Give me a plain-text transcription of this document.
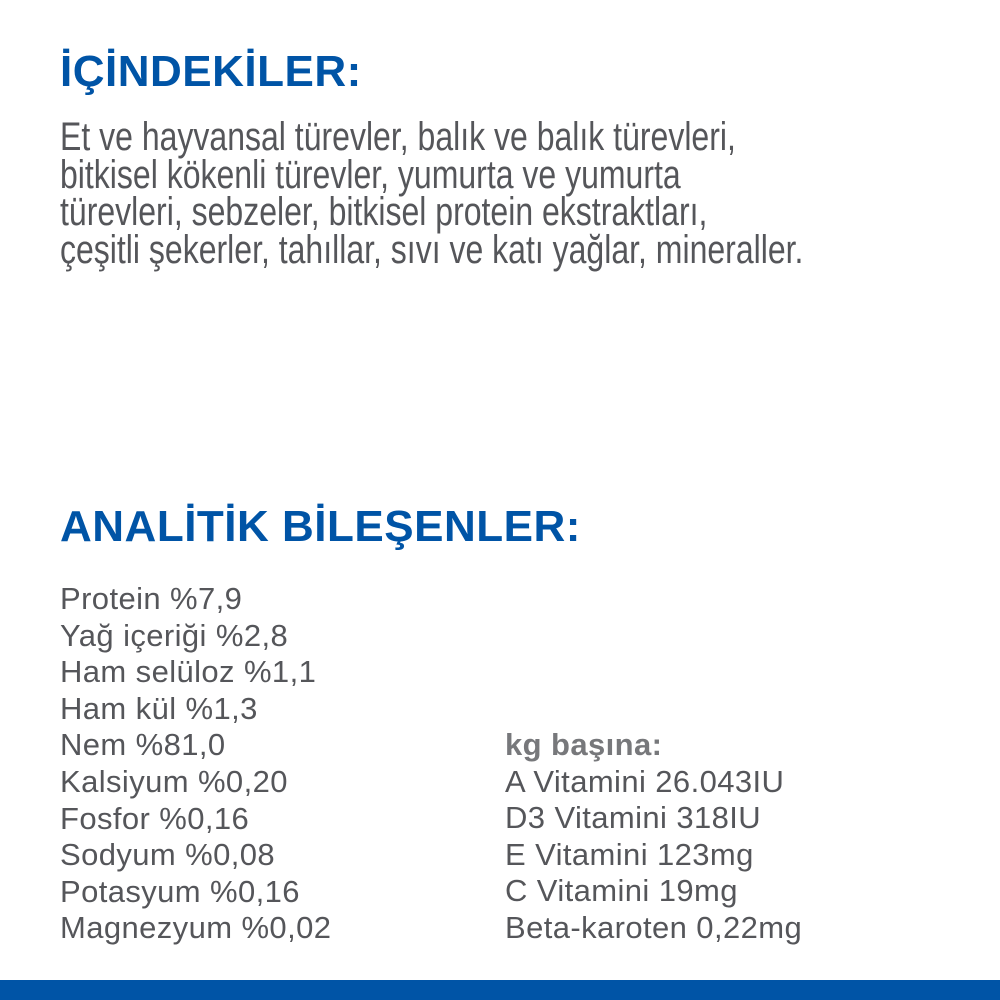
İÇİNDEKİLER:
Et ve hayvansal türevler, balık ve balık türevleri,
bitkisel kökenli türevler, yumurta ve yumurta
türevleri, sebzeler, bitkisel protein ekstraktları,
çeşitli şekerler, tahıllar, sıvı ve katı yağlar, mineraller.
ANALİTİK BİLEŞENLER:
Protein %7,9
Yağ içeriği %2,8
Ham selüloz %1,1
Ham kül %1,3
Nem %81,0
Kalsiyum %0,20
Fosfor %0,16
Sodyum %0,08
Potasyum %0,16
Magnezyum %0,02
kg başına:
A Vitamini 26.043IU
D3 Vitamini 318IU
E Vitamini 123mg
C Vitamini 19mg
Beta-karoten 0,22mg
